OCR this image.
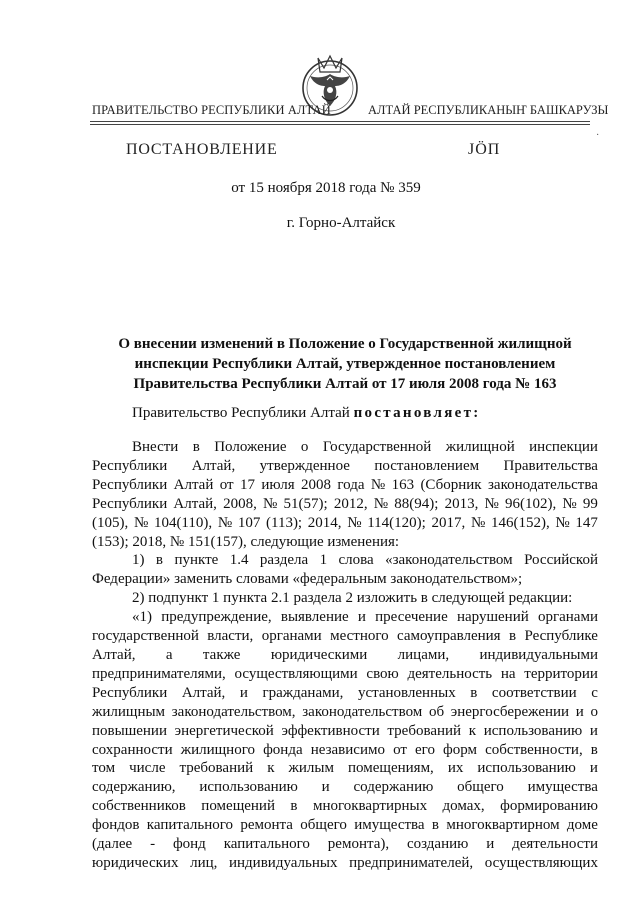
ПРАВИТЕЛЬСТВО РЕСПУБЛИКИ АЛТАЙ	АЛТАЙ РЕСПУБЛИКАНЫҤ БАШКАРУЗЫ
·
ПОСТАНОВЛЕНИЕ	JӦП
от 15 ноября 2018 года № 359
г. Горно-Алтайск
О внесении изменений в Положение о Государственной жилищной
инспекции Республики Алтай, утвержденное постановлением
Правительства Республики Алтай от 17 июля 2008 года № 163
Правительство Республики Алтай постановляет:
Внести в Положение о Государственной жилищной инспекции
Республики Алтай, утвержденное постановлением Правительства
Республики Алтай от 17 июля 2008 года № 163 (Сборник законодательства
Республики Алтай, 2008, № 51(57); 2012, № 88(94); 2013, № 96(102), № 99
(105), № 104(110), № 107 (113); 2014, № 114(120); 2017, № 146(152), № 147
(153); 2018, № 151(157), следующие изменения:
1) в пункте 1.4 раздела 1 слова «законодательством Российской
Федерации» заменить словами «федеральным законодательством»;
2) подпункт 1 пункта 2.1 раздела 2 изложить в следующей редакции:
«1) предупреждение, выявление и пресечение нарушений органами
государственной власти, органами местного самоуправления в Республике
Алтай, а также юридическими лицами, индивидуальными
предпринимателями, осуществляющими свою деятельность на территории
Республики Алтай, и гражданами, установленных в соответствии с
жилищным законодательством, законодательством об энергосбережении и о
повышении энергетической эффективности требований к использованию и
сохранности жилищного фонда независимо от его форм собственности, в
том числе требований к жилым помещениям, их использованию и
содержанию, использованию и содержанию общего имущества
собственников помещений в многоквартирных домах, формированию
фондов капитального ремонта общего имущества в многоквартирном доме
(далее - фонд капитального ремонта), созданию и деятельности
юридических лиц, индивидуальных предпринимателей, осуществляющих
